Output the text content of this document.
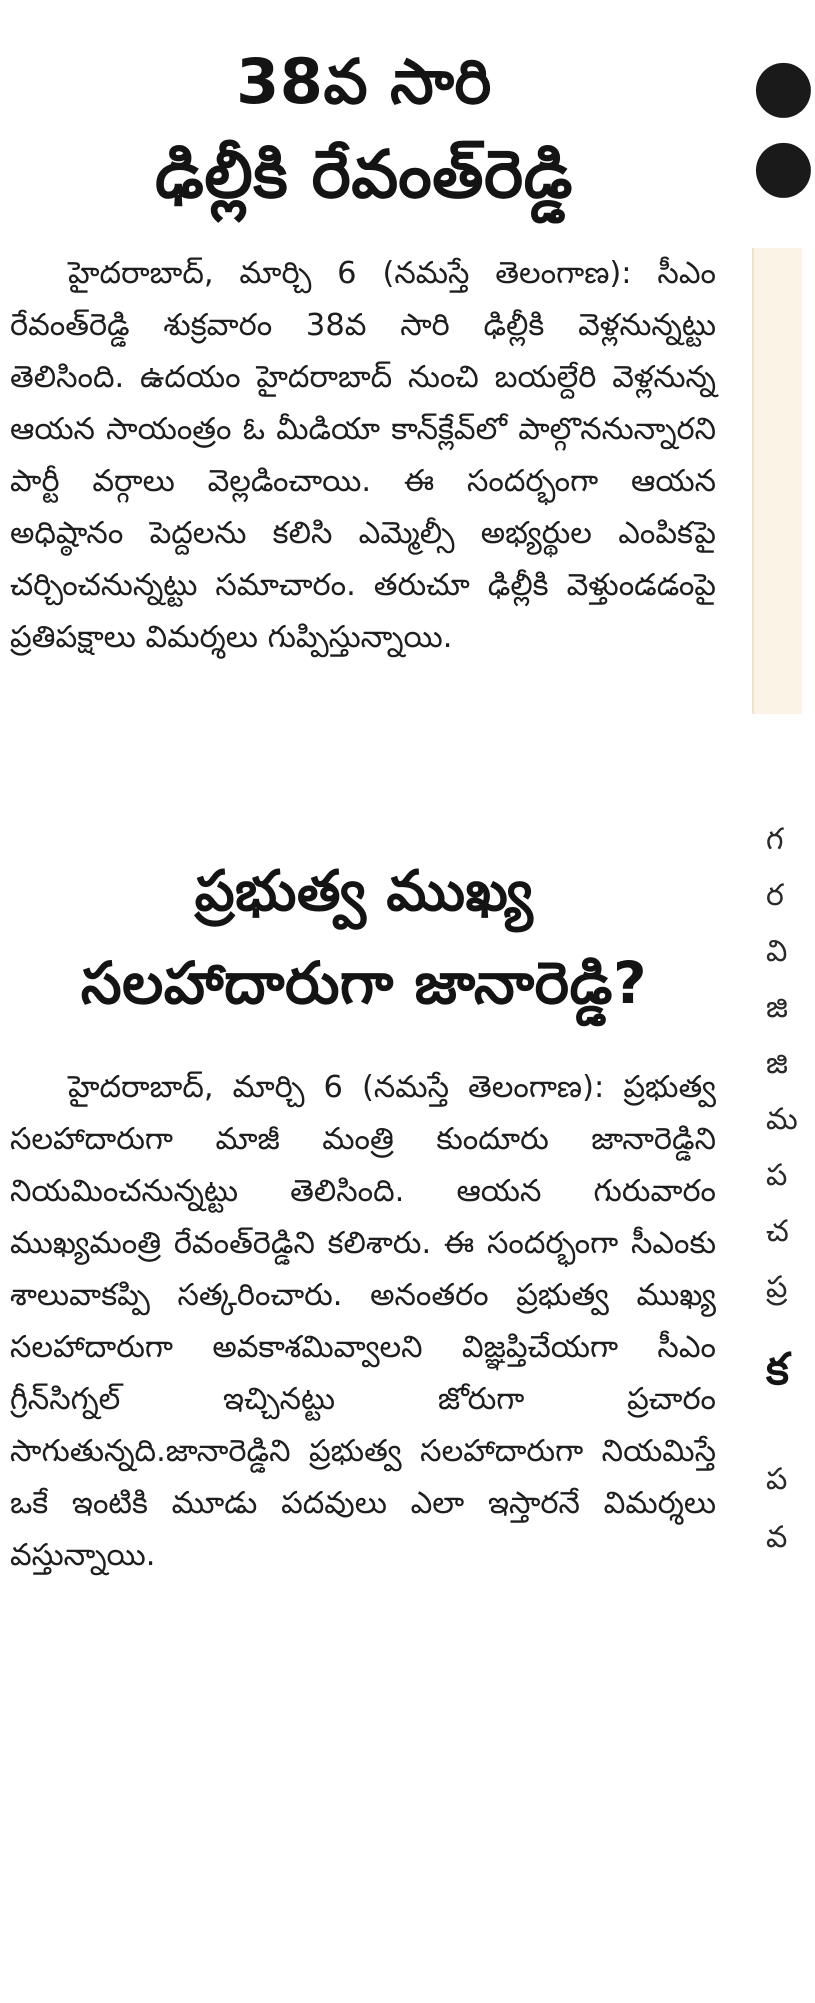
38వ సారి
ఢిల్లీకి రేవంత్‌రెడ్డి

హైదరాబాద్‌, మార్చి 6 (నమస్తే తెలంగాణ): సీఎం రేవంత్‌రెడ్డి శుక్రవారం 38వ సారి ఢిల్లీకి వెళ్లనున్నట్టు తెలిసింది. ఉదయం హైదరాబాద్‌ నుంచి బయల్దేరి వెళ్లనున్న ఆయన సాయంత్రం ఓ మీడియా కాన్‌క్లేవ్‌లో పాల్గొననున్నారని పార్టీ వర్గాలు వెల్లడించాయి. ఈ సందర్భంగా ఆయన అధిష్ఠానం పెద్దలను కలిసి ఎమ్మెల్సీ అభ్యర్థుల ఎంపికపై చర్చించనున్నట్టు సమాచారం. తరుచూ ఢిల్లీకి వెళ్తుండడంపై ప్రతిపక్షాలు విమర్శలు గుప్పిస్తున్నాయి.

ప్రభుత్వ ముఖ్య
సలహాదారుగా జానారెడ్డి?

హైదరాబాద్‌, మార్చి 6 (నమస్తే తెలంగాణ): ప్రభుత్వ సలహాదారుగా మాజీ మంత్రి కుందూరు జానారెడ్డిని నియమించనున్నట్టు తెలిసింది. ఆయన గురువారం ముఖ్యమంత్రి రేవంత్‌రెడ్డిని కలిశారు. ఈ సందర్భంగా సీఎంకు శాలువాకప్పి సత్కరించారు. అనంతరం ప్రభుత్వ ముఖ్య సలహాదారుగా అవకాశమివ్వాలని విజ్ఞప్తిచేయగా సీఎం గ్రీన్‌సిగ్నల్‌ ఇచ్చినట్టు జోరుగా ప్రచారం సాగుతున్నది.జానారెడ్డిని ప్రభుత్వ సలహాదారుగా నియమిస్తే ఒకే ఇంటికి మూడు పదవులు ఎలా ఇస్తారనే విమర్శలు వస్తున్నాయి.

●
●
గ
ర
వి
జి
జి
మ
ప
చ
ప్ర
క
ప
వ
